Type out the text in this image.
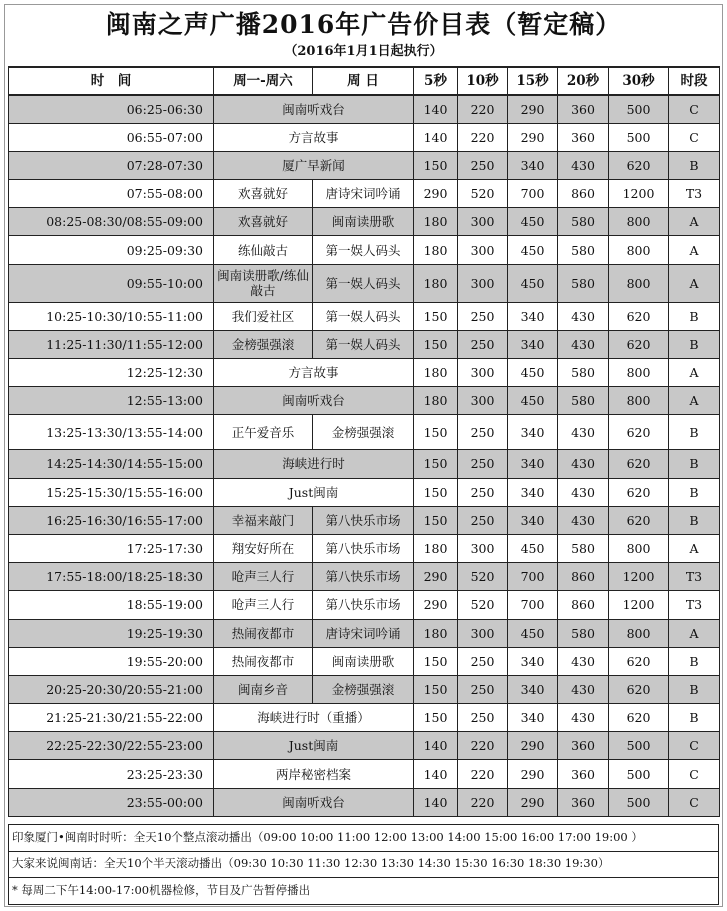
闽南之声广播2016年广告价目表（暂定稿）
（2016年1月1日起执行）
时　间	周一-周六	周 日	5秒	10秒	15秒	20秒	30秒	时段
06:25-06:30	闽南听戏台		140	220	290	360	500	C
06:55-07:00	方言故事		140	220	290	360	500	C
07:28-07:30	厦广早新闻		150	250	340	430	620	B
07:55-08:00	欢喜就好	唐诗宋词吟诵	290	520	700	860	1200	T3
08:25-08:30/08:55-09:00	欢喜就好	闽南读册歌	180	300	450	580	800	A
09:25-09:30	练仙敲古	第一娱人码头	180	300	450	580	800	A
09:55-10:00	闽南读册歌/练仙敲古	第一娱人码头	180	300	450	580	800	A
10:25-10:30/10:55-11:00	我们爱社区	第一娱人码头	150	250	340	430	620	B
11:25-11:30/11:55-12:00	金榜强强滚	第一娱人码头	150	250	340	430	620	B
12:25-12:30	方言故事		180	300	450	580	800	A
12:55-13:00	闽南听戏台		180	300	450	580	800	A
13:25-13:30/13:55-14:00	正午爱音乐	金榜强强滚	150	250	340	430	620	B
14:25-14:30/14:55-15:00	海峡进行时		150	250	340	430	620	B
15:25-15:30/15:55-16:00	Just闽南		150	250	340	430	620	B
16:25-16:30/16:55-17:00	幸福来敲门	第八快乐市场	150	250	340	430	620	B
17:25-17:30	翔安好所在	第八快乐市场	180	300	450	580	800	A
17:55-18:00/18:25-18:30	呛声三人行	第八快乐市场	290	520	700	860	1200	T3
18:55-19:00	呛声三人行	第八快乐市场	290	520	700	860	1200	T3
19:25-19:30	热闹夜都市	唐诗宋词吟诵	180	300	450	580	800	A
19:55-20:00	热闹夜都市	闽南读册歌	150	250	340	430	620	B
20:25-20:30/20:55-21:00	闽南乡音	金榜强强滚	150	250	340	430	620	B
21:25-21:30/21:55-22:00	海峡进行时（重播）		150	250	340	430	620	B
22:25-22:30/22:55-23:00	Just闽南		140	220	290	360	500	C
23:25-23:30	两岸秘密档案		140	220	290	360	500	C
23:55-00:00	闽南听戏台		140	220	290	360	500	C
印象厦门•闽南时时听：全天10个整点滚动播出（09:00 10:00 11:00 12:00 13:00 14:00 15:00 16:00 17:00 19:00 ）
大家来说闽南话：全天10个半天滚动播出（09:30 10:30 11:30 12:30 13:30 14:30 15:30 16:30 18:30 19:30）
* 每周二下午14:00-17:00机器检修，节目及广告暂停播出
